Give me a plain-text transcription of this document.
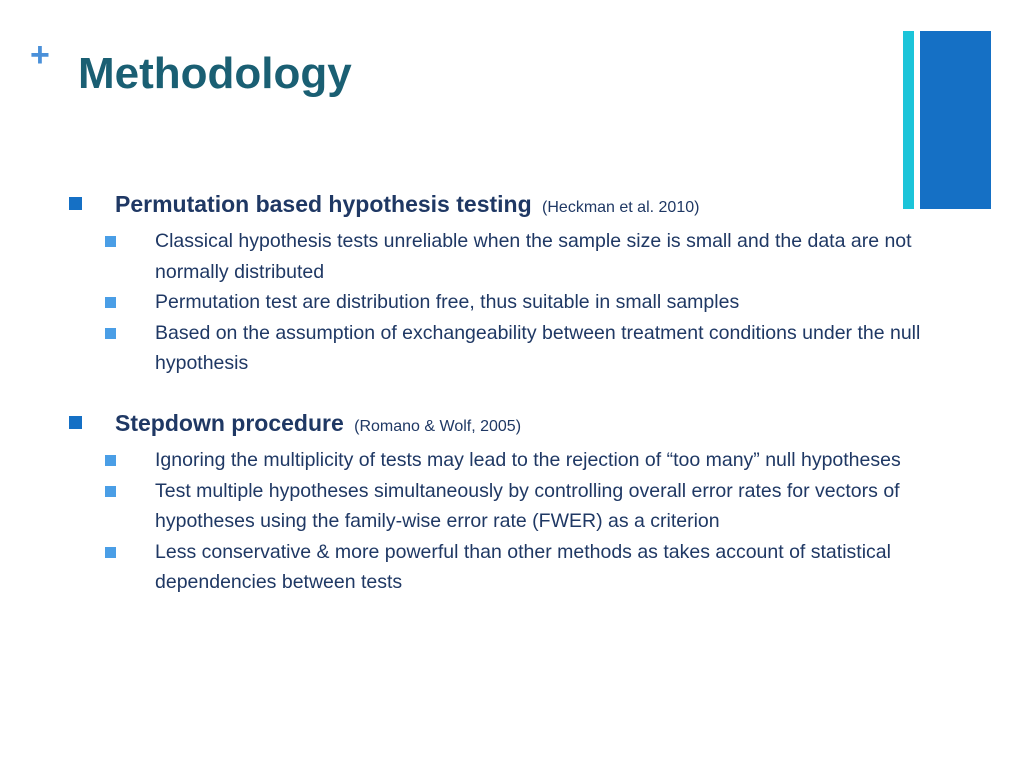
+ Methodology
Permutation based hypothesis testing (Heckman et al. 2010)
Classical hypothesis tests unreliable when the sample size is small and the data are not normally distributed
Permutation test are distribution free, thus suitable in small samples
Based on the assumption of exchangeability between treatment conditions under the null hypothesis
Stepdown procedure (Romano & Wolf, 2005)
Ignoring the multiplicity of tests may lead to the rejection of “too many” null hypotheses
Test multiple hypotheses simultaneously by controlling overall error rates for vectors of hypotheses using the family-wise error rate (FWER) as a criterion
Less conservative & more powerful than other methods as takes account of statistical dependencies between tests
